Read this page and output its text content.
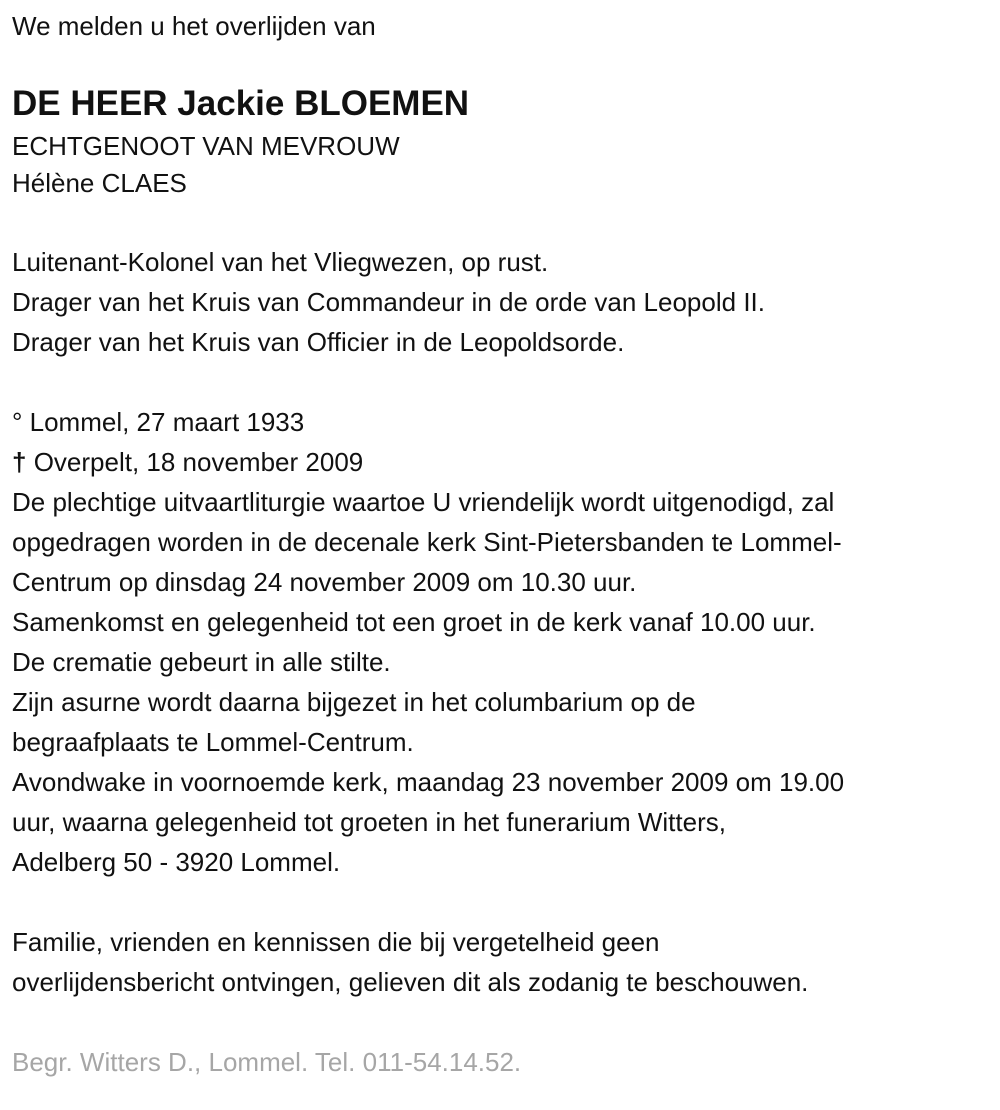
We melden u het overlijden van
DE HEER Jackie BLOEMEN
ECHTGENOOT VAN MEVROUW
Hélène CLAES
Luitenant-Kolonel van het Vliegwezen, op rust.
Drager van het Kruis van Commandeur in de orde van Leopold II.
Drager van het Kruis van Officier in de Leopoldsorde.
° Lommel, 27 maart 1933
† Overpelt, 18 november 2009
De plechtige uitvaartliturgie waartoe U vriendelijk wordt uitgenodigd, zal
opgedragen worden in de decenale kerk Sint-Pietersbanden te Lommel-
Centrum op dinsdag 24 november 2009 om 10.30 uur.
Samenkomst en gelegenheid tot een groet in de kerk vanaf 10.00 uur.
De crematie gebeurt in alle stilte.
Zijn asurne wordt daarna bijgezet in het columbarium op de
begraafplaats te Lommel-Centrum.
Avondwake in voornoemde kerk, maandag 23 november 2009 om 19.00
uur, waarna gelegenheid tot groeten in het funerarium Witters,
Adelberg 50 - 3920 Lommel.
Familie, vrienden en kennissen die bij vergetelheid geen
overlijdensbericht ontvingen, gelieven dit als zodanig te beschouwen.
Begr. Witters D., Lommel. Tel. 011-54.14.52.
